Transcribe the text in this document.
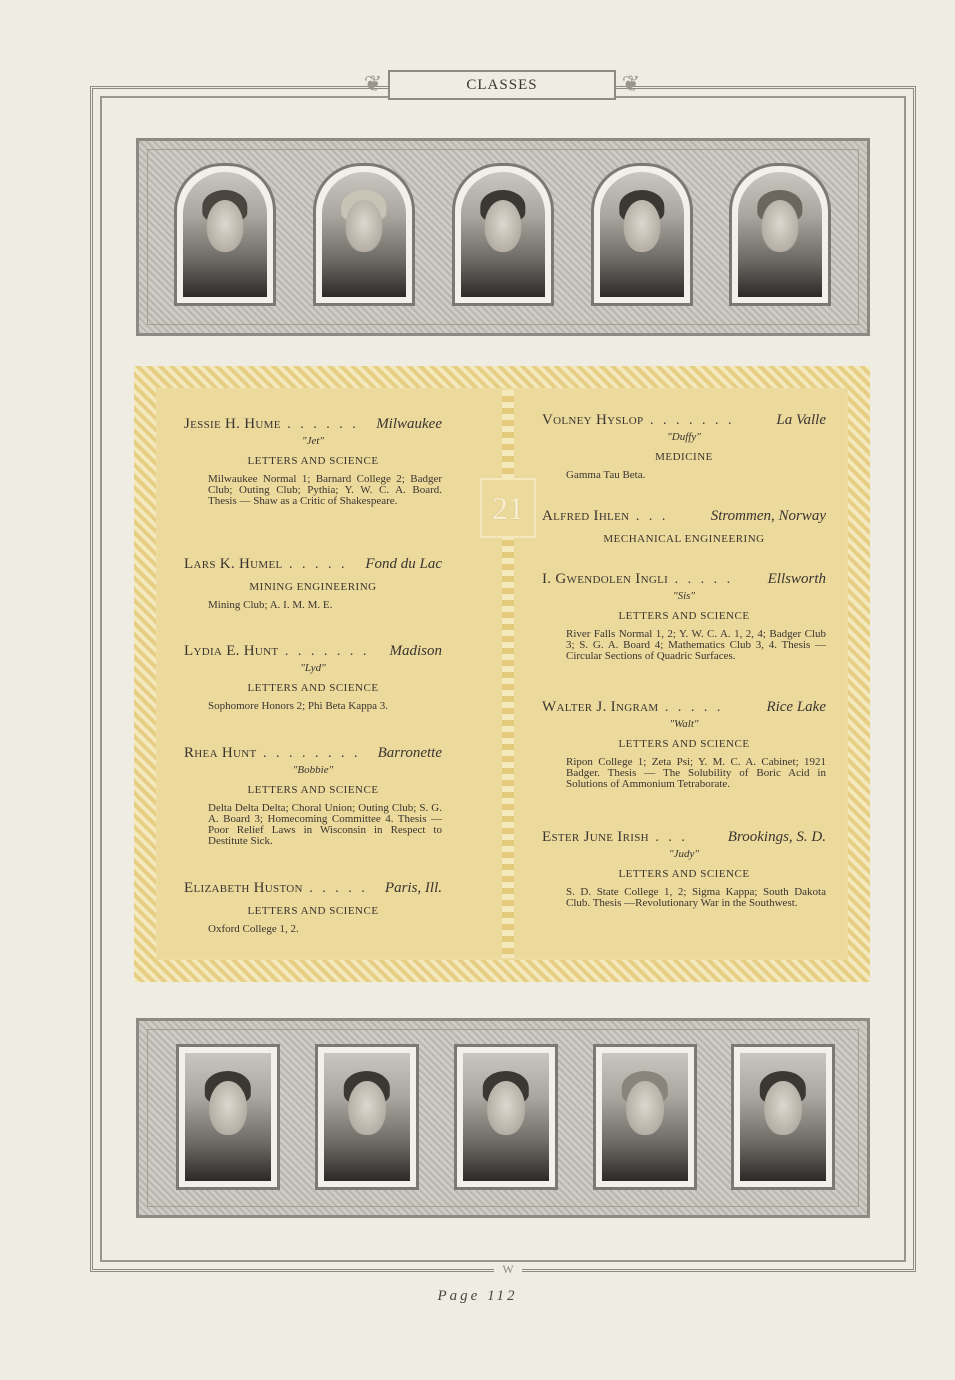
❦	❦
CLASSES
21
Jessie H. Hume . . . . . . Milwaukee
"Jet"
LETTERS AND SCIENCE
Milwaukee Normal 1; Barnard College 2; Badger Club; Outing Club; Pythia; Y. W. C. A. Board. Thesis — Shaw as a Critic of Shakespeare.
Lars K. Humel . . . . . Fond du Lac
MINING ENGINEERING
Mining Club; A. I. M. M. E.
Lydia E. Hunt . . . . . . . Madison
"Lyd"
LETTERS AND SCIENCE
Sophomore Honors 2; Phi Beta Kappa 3.
Rhea Hunt . . . . . . . . Barronette
"Bobbie"
LETTERS AND SCIENCE
Delta Delta Delta; Choral Union; Outing Club; S. G. A. Board 3; Homecoming Committee 4. Thesis — Poor Relief Laws in Wisconsin in Respect to Destitute Sick.
Elizabeth Huston . . . . . Paris, Ill.
LETTERS AND SCIENCE
Oxford College 1, 2.
Volney Hyslop . . . . . . .	La Valle
"Duffy"
MEDICINE
Gamma Tau Beta.
Alfred Ihlen . . .	Strommen, Norway
MECHANICAL ENGINEERING
I. Gwendolen Ingli . . . . . Ellsworth
"Sis"
LETTERS AND SCIENCE
River Falls Normal 1, 2; Y. W. C. A. 1, 2, 4; Badger Club 3; S. G. A. Board 4; Mathematics Club 3, 4. Thesis —Circular Sections of Quadric Surfaces.
Walter J. Ingram . . . . .	Rice Lake
"Walt"
LETTERS AND SCIENCE
Ripon College 1; Zeta Psi; Y. M. C. A. Cabinet; 1921 Badger. Thesis — The Solubility of Boric Acid in Solutions of Ammonium Tetraborate.
Ester June Irish . . .	Brookings, S. D.
"Judy"
LETTERS AND SCIENCE
S. D. State College 1, 2; Sigma Kappa; South Dakota Club. Thesis —Revolutionary War in the Southwest.
W
Page 112
